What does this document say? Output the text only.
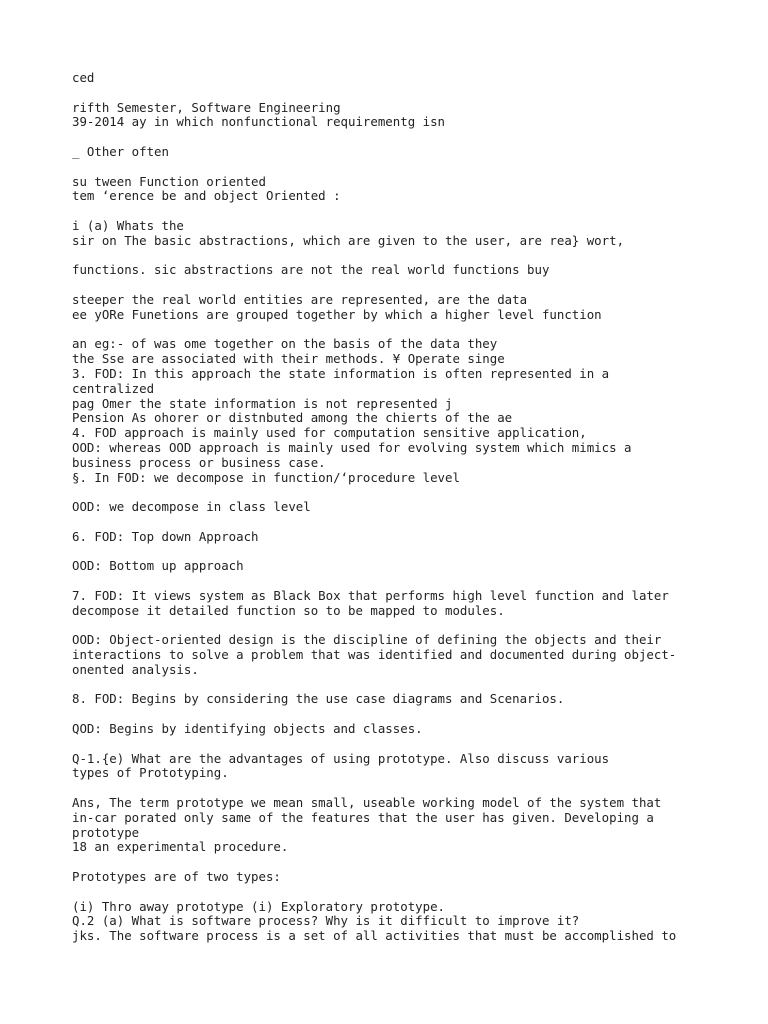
ced
rifth Semester, Software Engineering
39-2014 ay in which nonfunctional requirementg isn
_ Other often
su tween Function oriented
tem ‘erence be and object Oriented :
i (a) Whats the
sir on The basic abstractions, which are given to the user, are rea} wort,
functions. sic abstractions are not the real world functions buy
steeper the real world entities are represented, are the data
ee yORe Funetions are grouped together by which a higher level function
an eg:- of was ome together on the basis of the data they
the Sse are associated with their methods. ¥ Operate singe
3. FOD: In this approach the state information is often represented in a
centralized
pag Omer the state information is not represented j
Pension As ohorer or distnbuted among the chierts of the ae
4. FOD approach is mainly used for computation sensitive application,
OOD: whereas OOD approach is mainly used for evolving system which mimics a
business process or business case.
§. In FOD: we decompose in function/‘procedure level
OOD: we decompose in class level
6. FOD: Top down Approach
OOD: Bottom up approach
7. FOD: It views system as Black Box that performs high level function and later
decompose it detailed function so to be mapped to modules.
OOD: Object-oriented design is the discipline of defining the objects and their
interactions to solve a problem that was identified and documented during object-
onented analysis.
8. FOD: Begins by considering the use case diagrams and Scenarios.
QOD: Begins by identifying objects and classes.
Q-1.{e) What are the advantages of using prototype. Also discuss various
types of Prototyping.
Ans, The term prototype we mean small, useable working model of the system that
in-car porated only same of the features that the user has given. Developing a
prototype
18 an experimental procedure.
Prototypes are of two types:
(i) Thro away prototype (i) Exploratory prototype.
Q.2 (a) What is software process? Why is it difficult to improve it?
jks. The software process is a set of all activities that must be accomplished to
